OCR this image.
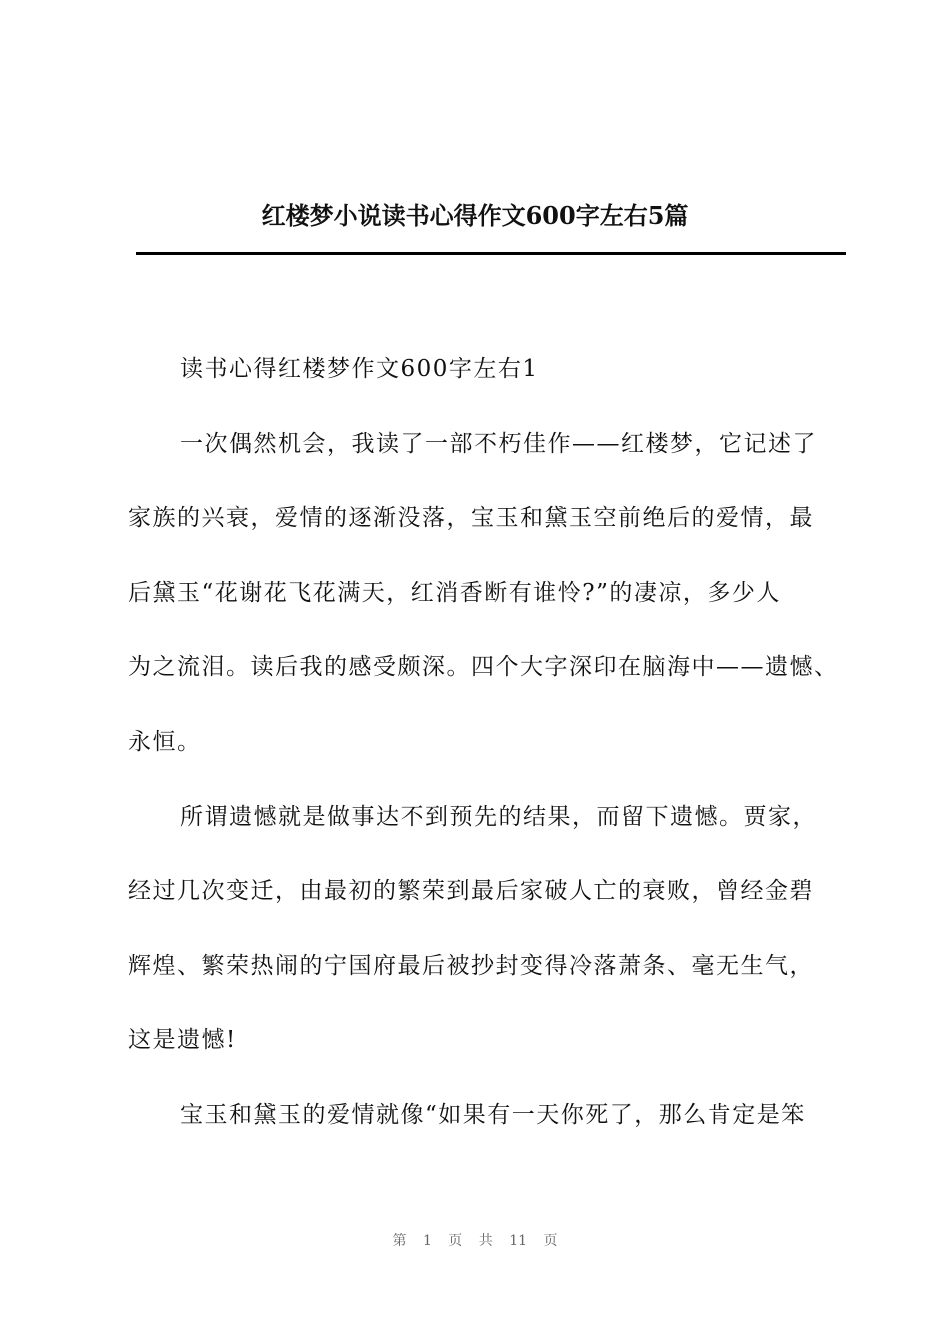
红楼梦小说读书心得作文600字左右5篇
读书心得红楼梦作文600字左右1
一次偶然机会，我读了一部不朽佳作——红楼梦，它记述了
家族的兴衰，爱情的逐渐没落，宝玉和黛玉空前绝后的爱情，最
后黛玉“花谢花飞花满天，红消香断有谁怜?”的凄凉，多少人
为之流泪。读后我的感受颇深。四个大字深印在脑海中——遗憾、
永恒。
所谓遗憾就是做事达不到预先的结果，而留下遗憾。贾家，
经过几次变迁，由最初的繁荣到最后家破人亡的衰败，曾经金碧
辉煌、繁荣热闹的宁国府最后被抄封变得冷落萧条、毫无生气，
这是遗憾!
宝玉和黛玉的爱情就像“如果有一天你死了，那么肯定是笨
第 1 页 共 11 页
